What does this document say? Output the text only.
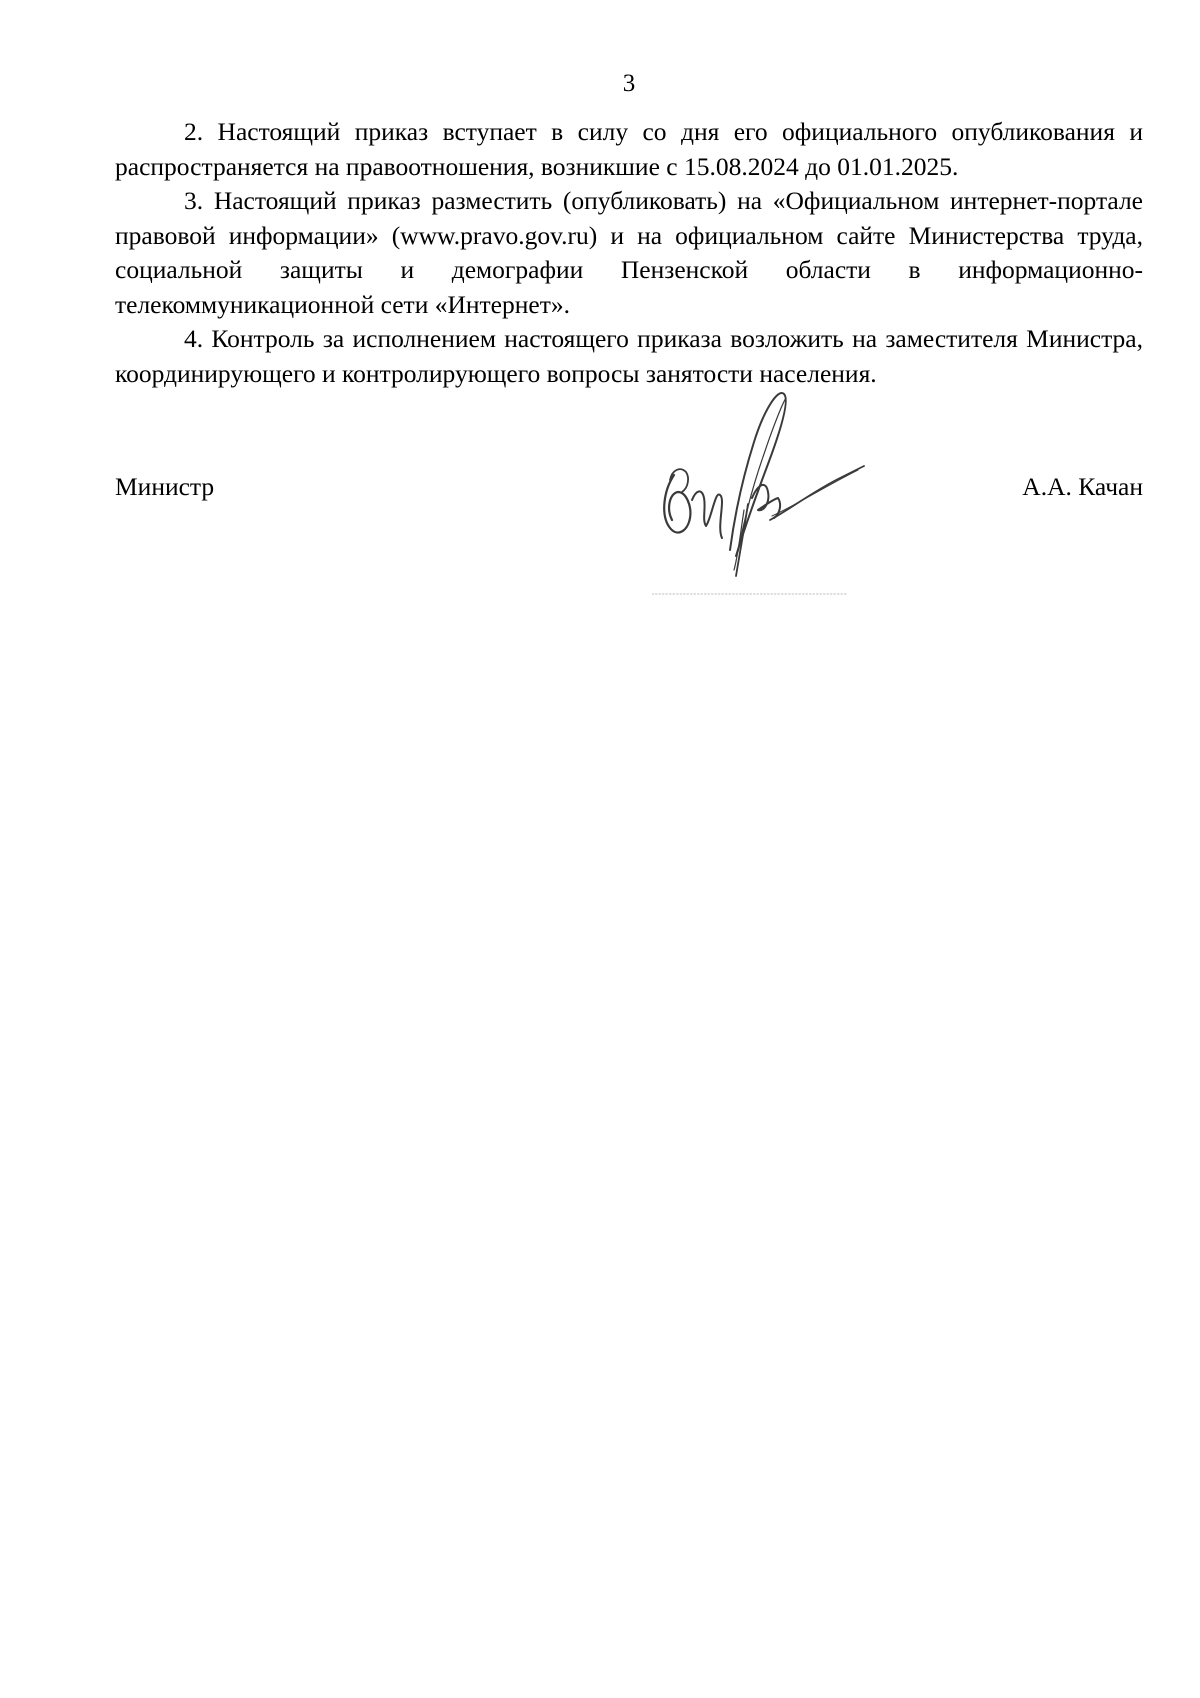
3

2. Настоящий приказ вступает в силу со дня его официального опубликования и распространяется на правоотношения, возникшие с 15.08.2024 до 01.01.2025.

3. Настоящий приказ разместить (опубликовать) на «Официальном интернет-портале правовой информации» (www.pravo.gov.ru) и на официальном сайте Министерства труда, социальной защиты и демографии Пензенской области в информационно-телекоммуникационной сети «Интернет».

4. Контроль за исполнением настоящего приказа возложить на заместителя Министра, координирующего и контролирующего вопросы занятости населения.

Министр	А.А. Качан
